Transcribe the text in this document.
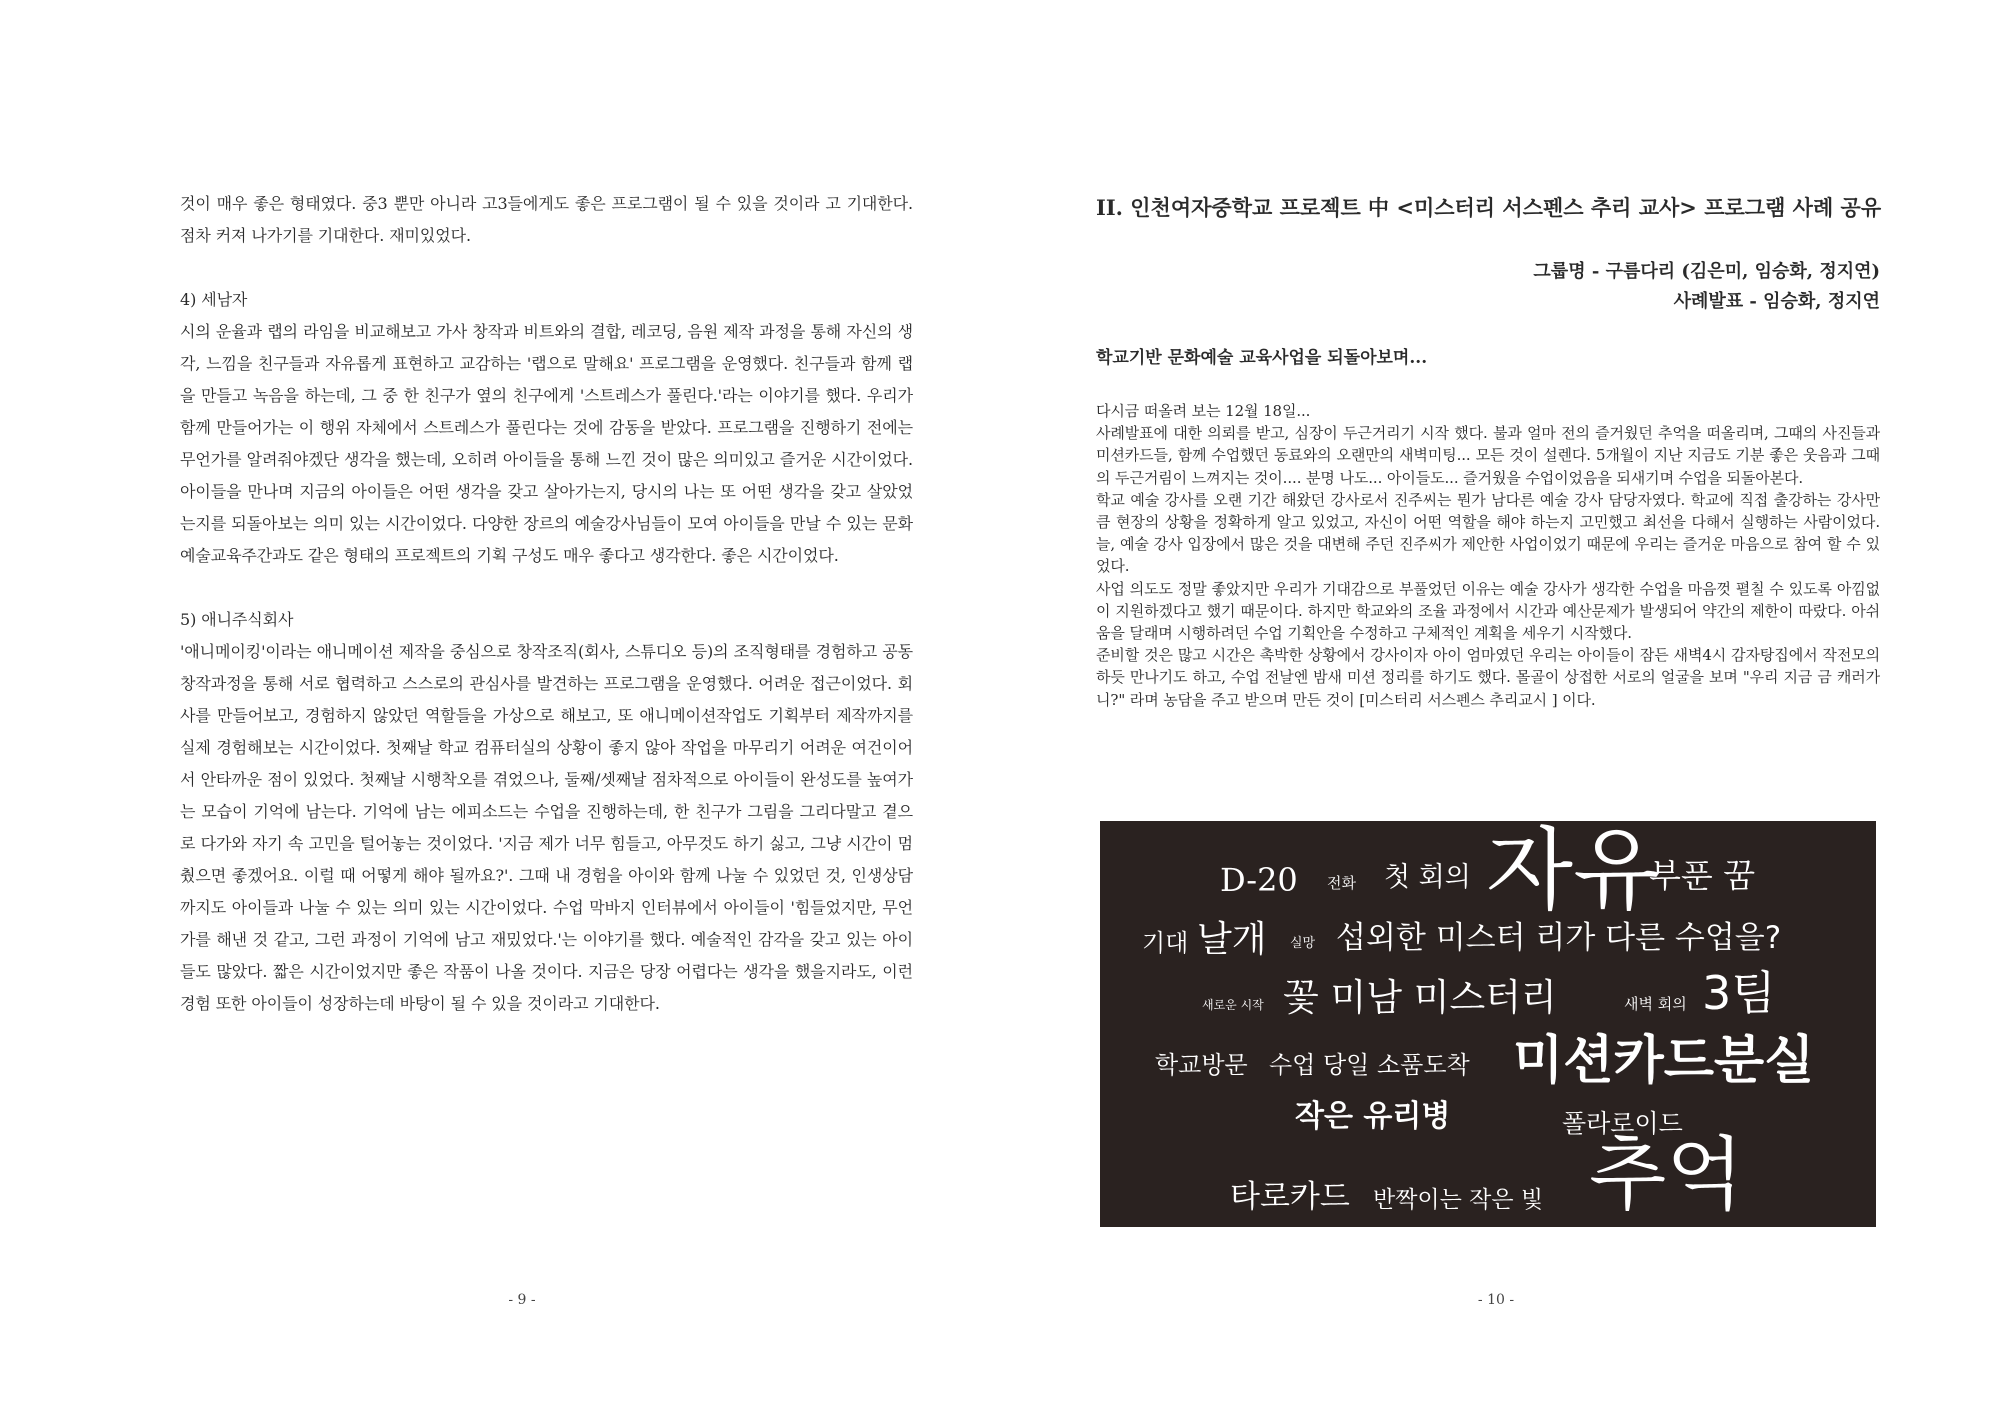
것이 매우 좋은 형태였다. 중3 뿐만 아니라 고3들에게도 좋은 프로그램이 될 수 있을 것이라 고 기대한다. 점차 커져 나가기를 기대한다. 재미있었다.

4) 세남자

시의 운율과 랩의 라임을 비교해보고 가사 창작과 비트와의 결합, 레코딩, 음원 제작 과정을 통해 자신의 생각, 느낌을 친구들과 자유롭게 표현하고 교감하는 '랩으로 말해요' 프로그램을 운영했다. 친구들과 함께 랩을 만들고 녹음을 하는데, 그 중 한 친구가 옆의 친구에게 '스트레스가 풀린다.'라는 이야기를 했다. 우리가 함께 만들어가는 이 행위 자체에서 스트레스가 풀린다는 것에 감동을 받았다. 프로그램을 진행하기 전에는 무언가를 알려줘야겠단 생각을 했는데, 오히려 아이들을 통해 느낀 것이 많은 의미있고 즐거운 시간이었다. 아이들을 만나며 지금의 아이들은 어떤 생각을 갖고 살아가는지, 당시의 나는 또 어떤 생각을 갖고 살았었는지를 되돌아보는 의미 있는 시간이었다. 다양한 장르의 예술강사님들이 모여 아이들을 만날 수 있는 문화예술교육주간과도 같은 형태의 프로젝트의 기획 구성도 매우 좋다고 생각한다. 좋은 시간이었다.

5) 애니주식회사

'애니메이킹'이라는 애니메이션 제작을 중심으로 창작조직(회사, 스튜디오 등)의 조직형태를 경험하고 공동 창작과정을 통해 서로 협력하고 스스로의 관심사를 발견하는 프로그램을 운영했다. 어려운 접근이었다. 회사를 만들어보고, 경험하지 않았던 역할들을 가상으로 해보고, 또 애니메이션작업도 기획부터 제작까지를 실제 경험해보는 시간이었다. 첫째날 학교 컴퓨터실의 상황이 좋지 않아 작업을 마무리기 어려운 여건이어서 안타까운 점이 있었다. 첫째날 시행착오를 겪었으나, 둘째/셋째날 점차적으로 아이들이 완성도를 높여가는 모습이 기억에 남는다. 기억에 남는 에피소드는 수업을 진행하는데, 한 친구가 그림을 그리다말고 곁으로 다가와 자기 속 고민을 털어놓는 것이었다. '지금 제가 너무 힘들고, 아무것도 하기 싫고, 그냥 시간이 멈췄으면 좋겠어요. 이럴 때 어떻게 해야 될까요?'. 그때 내 경험을 아이와 함께 나눌 수 있었던 것, 인생상담까지도 아이들과 나눌 수 있는 의미 있는 시간이었다. 수업 막바지 인터뷰에서 아이들이 '힘들었지만, 무언가를 해낸 것 같고, 그런 과정이 기억에 남고 재밌었다.'는 이야기를 했다. 예술적인 감각을 갖고 있는 아이들도 많았다. 짧은 시간이었지만 좋은 작품이 나올 것이다. 지금은 당장 어렵다는 생각을 했을지라도, 이런 경험 또한 아이들이 성장하는데 바탕이 될 수 있을 것이라고 기대한다.

- 9 -
II. 인천여자중학교 프로젝트 中 <미스터리 서스펜스 추리 교사> 프로그램 사례 공유
그룹명 - 구름다리 (김은미, 임승화, 정지연)
사례발표 - 임승화, 정지연
학교기반 문화예술 교육사업을 되돌아보며...

다시금 떠올려 보는 12월 18일...

사례발표에 대한 의뢰를 받고, 심장이 두근거리기 시작 했다. 불과 얼마 전의 즐거웠던 추억을 떠올리며, 그때의 사진들과 미션카드들, 함께 수업했던 동료와의 오랜만의 새벽미팅... 모든 것이 설렌다. 5개월이 지난 지금도 기분 좋은 웃음과 그때의 두근거림이 느껴지는 것이.... 분명 나도... 아이들도... 즐거웠을 수업이었음을 되새기며 수업을 되돌아본다.

학교 예술 강사를 오랜 기간 해왔던 강사로서 진주씨는 뭔가 남다른 예술 강사 담당자였다. 학교에 직접 출강하는 강사만큼 현장의 상황을 정확하게 알고 있었고, 자신이 어떤 역할을 해야 하는지 고민했고 최선을 다해서 실행하는 사람이었다. 늘, 예술 강사 입장에서 많은 것을 대변해 주던 진주씨가 제안한 사업이었기 때문에 우리는 즐거운 마음으로 참여 할 수 있었다.

사업 의도도 정말 좋았지만 우리가 기대감으로 부풀었던 이유는 예술 강사가 생각한 수업을 마음껏 펼칠 수 있도록 아낌없이 지원하겠다고 했기 때문이다. 하지만 학교와의 조율 과정에서 시간과 예산문제가 발생되어 약간의 제한이 따랐다. 아쉬움을 달래며 시행하려던 수업 기획안을 수정하고 구체적인 계획을 세우기 시작했다.

준비할 것은 많고 시간은 촉박한 상황에서 강사이자 아이 엄마였던 우리는 아이들이 잠든 새벽4시 감자탕집에서 작전모의 하듯 만나기도 하고, 수업 전날엔 밤새 미션 정리를 하기도 했다. 몰골이 상접한 서로의 얼굴을 보며 "우리 지금 금 캐러가니?" 라며 농담을 주고 받으며 만든 것이 [미스터리 서스펜스 추리교시 ] 이다.

D-20 전화 첫 회의 자유
부푼 꿈
기대 날개 실망 섭외한 미스터 리가 다른 수업을?
새로운 시작 꽃 미남 미스터리	새벽 회의 3팀
학교방문 수업 당일 소품도착 미션카드분실
작은 유리병	폴라로이드
타로카드 반짝이는 작은 빛 추억
- 10 -
